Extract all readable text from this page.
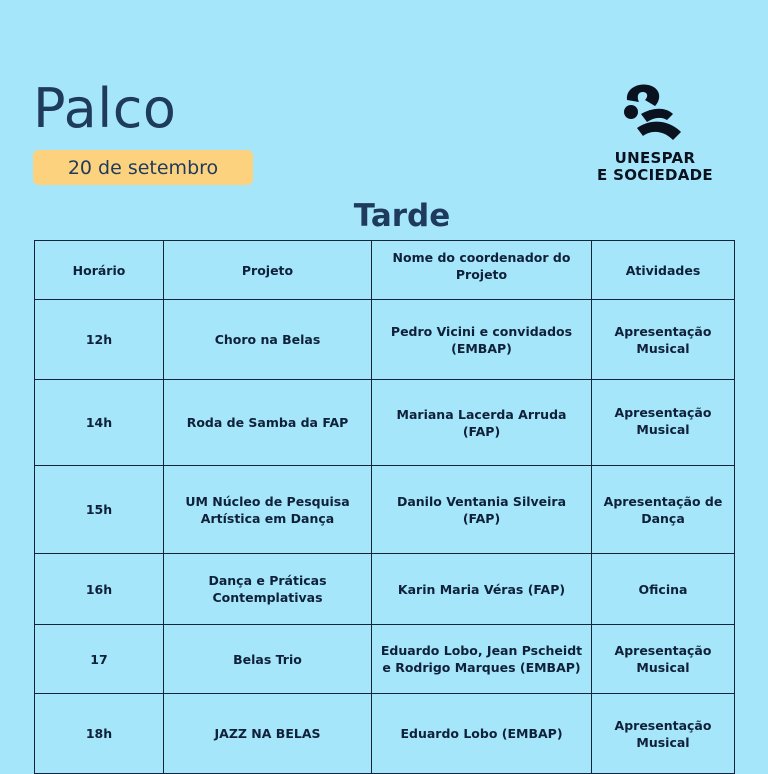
Palco
20 de setembro	UNESPAR
E SOCIEDADE
Tarde
Horário	Projeto	Nome do coordenador do Projeto	Atividades
12h	Choro na Belas	Pedro Vicini e convidados (EMBAP)	Apresentação Musical
14h	Roda de Samba da FAP	Mariana Lacerda Arruda (FAP)	Apresentação Musical
15h	UM Núcleo de Pesquisa Artística em Dança	Danilo Ventania Silveira (FAP)	Apresentação de Dança
16h	Dança e Práticas Contemplativas	Karin Maria Véras (FAP)	Oficina
17	Belas Trio	Eduardo Lobo, Jean Pscheidt e Rodrigo Marques (EMBAP)	Apresentação Musical
18h	JAZZ NA BELAS	Eduardo Lobo (EMBAP)	Apresentação Musical
